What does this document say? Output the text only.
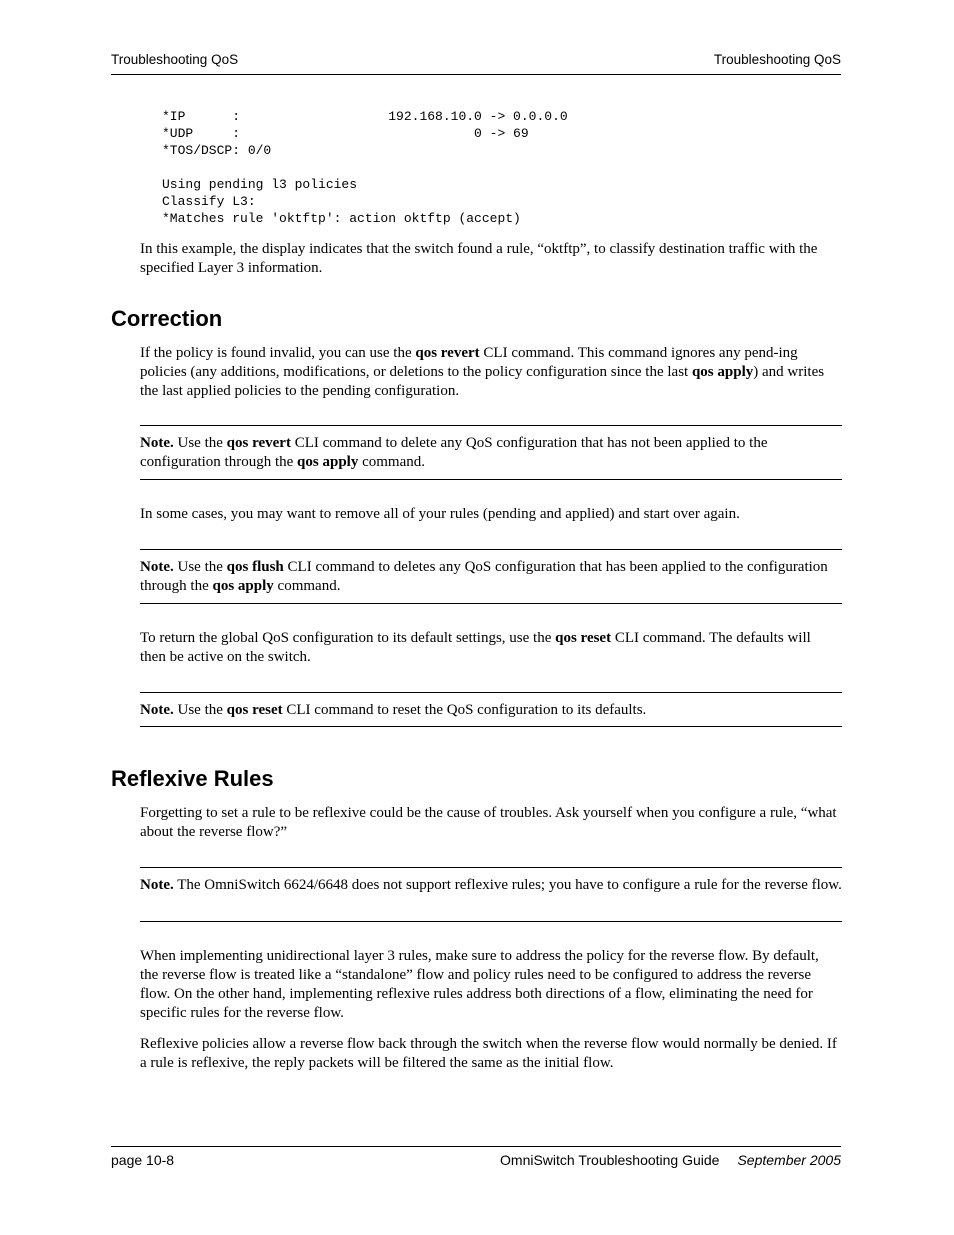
Troubleshooting QoS	Troubleshooting QoS
*IP      :                   192.168.10.0 -> 0.0.0.0
*UDP     :                              0 -> 69
*TOS/DSCP: 0/0

Using pending l3 policies
Classify L3:
*Matches rule 'oktftp': action oktftp (accept)

In this example, the display indicates that the switch found a rule, “oktftp”, to classify destination traffic with the specified Layer 3 information.

Correction

If the policy is found invalid, you can use the qos revert CLI command. This command ignores any pend-ing policies (any additions, modifications, or deletions to the policy configuration since the last qos apply) and writes the last applied policies to the pending configuration.

Note. Use the qos revert CLI command to delete any QoS configuration that has not been applied to the configuration through the qos apply command.

In some cases, you may want to remove all of your rules (pending and applied) and start over again.

Note. Use the qos flush CLI command to deletes any QoS configuration that has been applied to the configuration through the qos apply command.

To return the global QoS configuration to its default settings, use the qos reset CLI command. The defaults will then be active on the switch.

Note. Use the qos reset CLI command to reset the QoS configuration to its defaults.

Reflexive Rules

Forgetting to set a rule to be reflexive could be the cause of troubles. Ask yourself when you configure a rule, “what about the reverse flow?”

Note. The OmniSwitch 6624/6648 does not support reflexive rules; you have to configure a rule for the reverse flow.

When implementing unidirectional layer 3 rules, make sure to address the policy for the reverse flow. By default, the reverse flow is treated like a “standalone” flow and policy rules need to be configured to address the reverse flow. On the other hand, implementing reflexive rules address both directions of a flow, eliminating the need for specific rules for the reverse flow.

Reflexive policies allow a reverse flow back through the switch when the reverse flow would normally be denied. If a rule is reflexive, the reply packets will be filtered the same as the initial flow.

page 10-8	OmniSwitch Troubleshooting Guide September 2005
